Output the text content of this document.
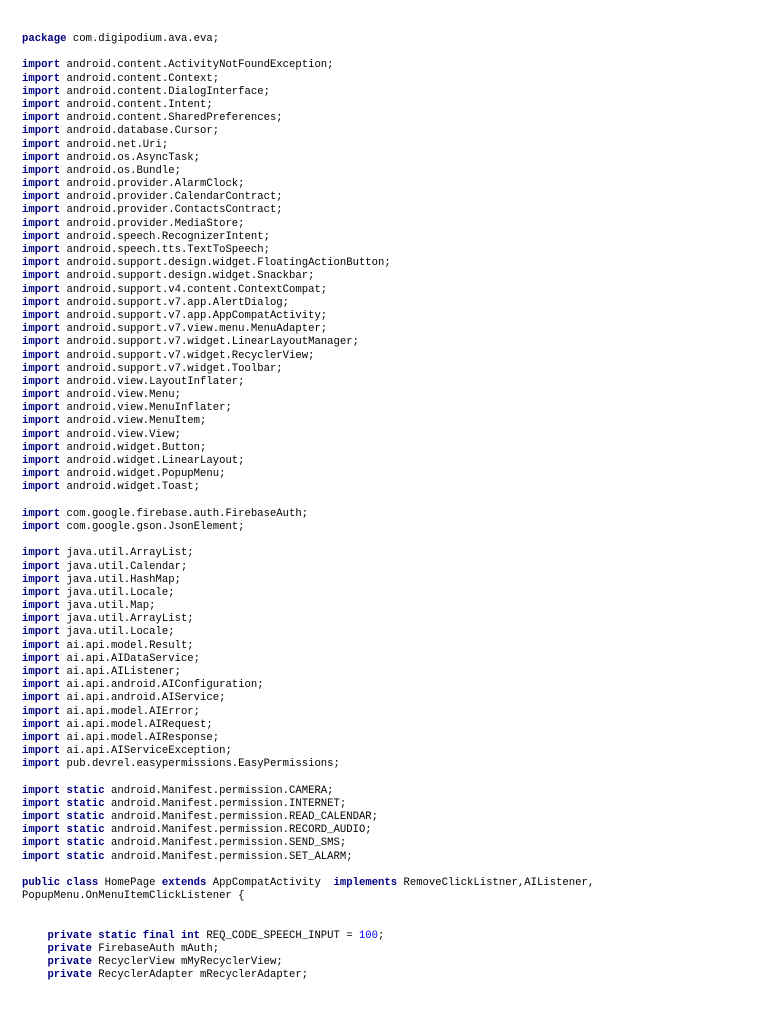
package com.digipodium.ava.eva;
import android.content.ActivityNotFoundException;
import android.content.Context;
import android.content.DialogInterface;
import android.content.Intent;
import android.content.SharedPreferences;
import android.database.Cursor;
import android.net.Uri;
import android.os.AsyncTask;
import android.os.Bundle;
import android.provider.AlarmClock;
import android.provider.CalendarContract;
import android.provider.ContactsContract;
import android.provider.MediaStore;
import android.speech.RecognizerIntent;
import android.speech.tts.TextToSpeech;
import android.support.design.widget.FloatingActionButton;
import android.support.design.widget.Snackbar;
import android.support.v4.content.ContextCompat;
import android.support.v7.app.AlertDialog;
import android.support.v7.app.AppCompatActivity;
import android.support.v7.view.menu.MenuAdapter;
import android.support.v7.widget.LinearLayoutManager;
import android.support.v7.widget.RecyclerView;
import android.support.v7.widget.Toolbar;
import android.view.LayoutInflater;
import android.view.Menu;
import android.view.MenuInflater;
import android.view.MenuItem;
import android.view.View;
import android.widget.Button;
import android.widget.LinearLayout;
import android.widget.PopupMenu;
import android.widget.Toast;
import com.google.firebase.auth.FirebaseAuth;
import com.google.gson.JsonElement;
import java.util.ArrayList;
import java.util.Calendar;
import java.util.HashMap;
import java.util.Locale;
import java.util.Map;
import java.util.ArrayList;
import java.util.Locale;
import ai.api.model.Result;
import ai.api.AIDataService;
import ai.api.AIListener;
import ai.api.android.AIConfiguration;
import ai.api.android.AIService;
import ai.api.model.AIError;
import ai.api.model.AIRequest;
import ai.api.model.AIResponse;
import ai.api.AIServiceException;
import pub.devrel.easypermissions.EasyPermissions;
import static android.Manifest.permission.CAMERA;
import static android.Manifest.permission.INTERNET;
import static android.Manifest.permission.READ_CALENDAR;
import static android.Manifest.permission.RECORD_AUDIO;
import static android.Manifest.permission.SEND_SMS;
import static android.Manifest.permission.SET_ALARM;
public class HomePage extends AppCompatActivity  implements RemoveClickListner,AIListener,
PopupMenu.OnMenuItemClickListener {
private static final int REQ_CODE_SPEECH_INPUT = 100;
private FirebaseAuth mAuth;
private RecyclerView mMyRecyclerView;
private RecyclerAdapter mRecyclerAdapter;
